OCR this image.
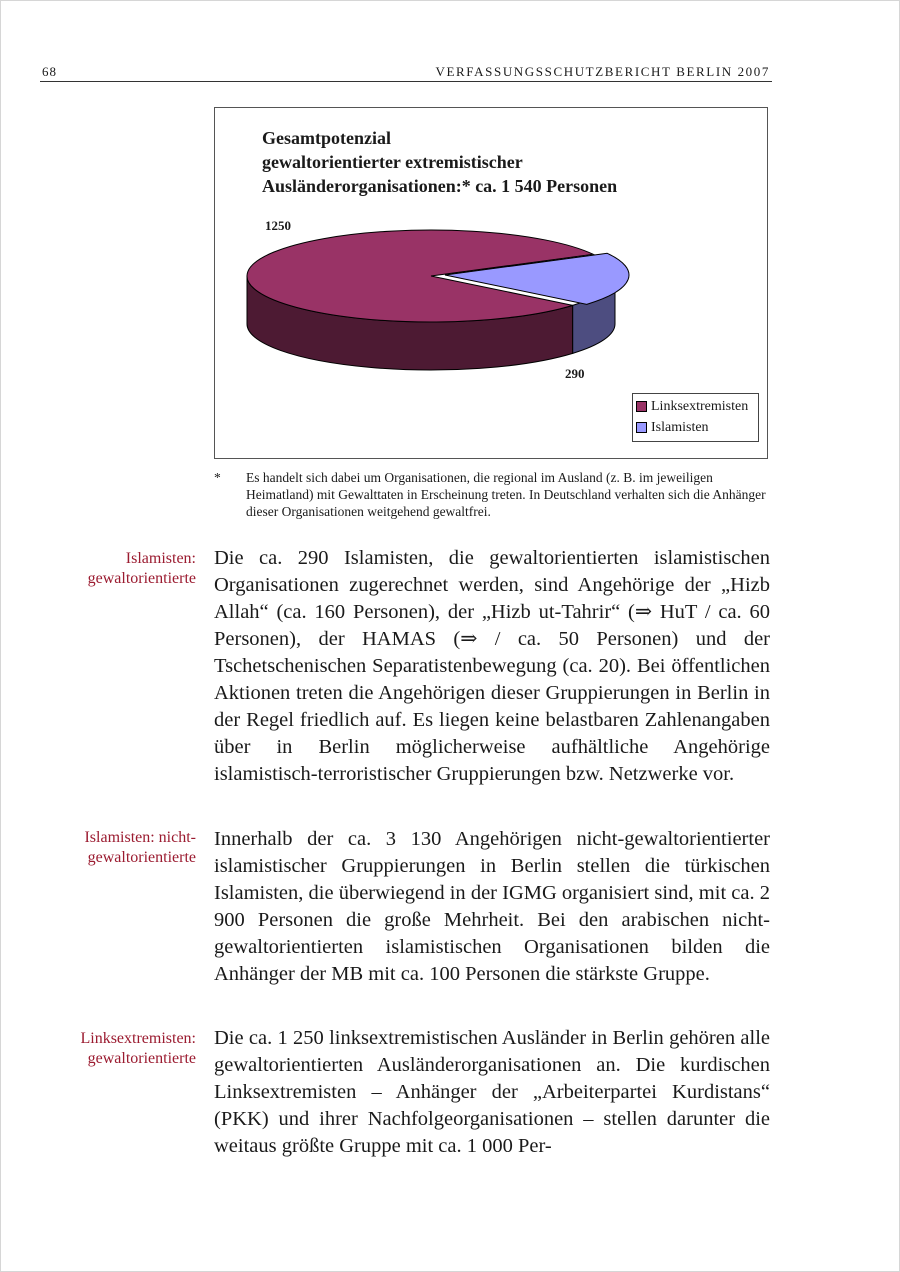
68	VERFASSUNGSSCHUTZBERICHT BERLIN 2007
Gesamtpotenzial
gewaltorientierter extremistischer
Ausländerorganisationen:* ca. 1 540 Personen
1250
290
Linksextremisten
Islamisten
* Es handelt sich dabei um Organisationen, die regional im Ausland (z. B. im jeweiligen Heimatland) mit Gewalttaten in Erscheinung treten. In Deutschland verhalten sich die Anhänger dieser Organisationen weitgehend gewaltfrei.
Islamisten: gewaltorientierte
Die ca. 290 Islamisten, die gewaltorientierten islamistischen Organisationen zugerechnet werden, sind Angehörige der „Hizb Allah“ (ca. 160 Personen), der „Hizb ut-Tahrir“ (⇒ HuT / ca. 60 Personen), der HAMAS (⇒ / ca. 50 Personen) und der Tschetschenischen Separatistenbewegung (ca. 20). Bei öffentlichen Aktionen treten die Angehörigen dieser Gruppierungen in Berlin in der Regel friedlich auf. Es liegen keine belastbaren Zahlenangaben über in Berlin möglicherweise aufhältliche Angehörige islamistisch-terroristischer Gruppierungen bzw. Netzwerke vor.
Islamisten: nicht-gewaltorientierte
Innerhalb der ca. 3 130 Angehörigen nicht-gewaltorientierter islamistischer Gruppierungen in Berlin stellen die türkischen Islamisten, die überwiegend in der IGMG organisiert sind, mit ca. 2 900 Personen die große Mehrheit. Bei den arabischen nicht-gewaltorientierten islamistischen Organisationen bilden die Anhänger der MB mit ca. 100 Personen die stärkste Gruppe.
Linksextremisten: gewaltorientierte
Die ca. 1 250 linksextremistischen Ausländer in Berlin gehören alle gewaltorientierten Ausländerorganisationen an. Die kurdischen Linksextremisten – Anhänger der „Arbeiterpartei Kurdistans“ (PKK) und ihrer Nachfolgeorganisationen – stellen darunter die weitaus größte Gruppe mit ca. 1 000 Per-
